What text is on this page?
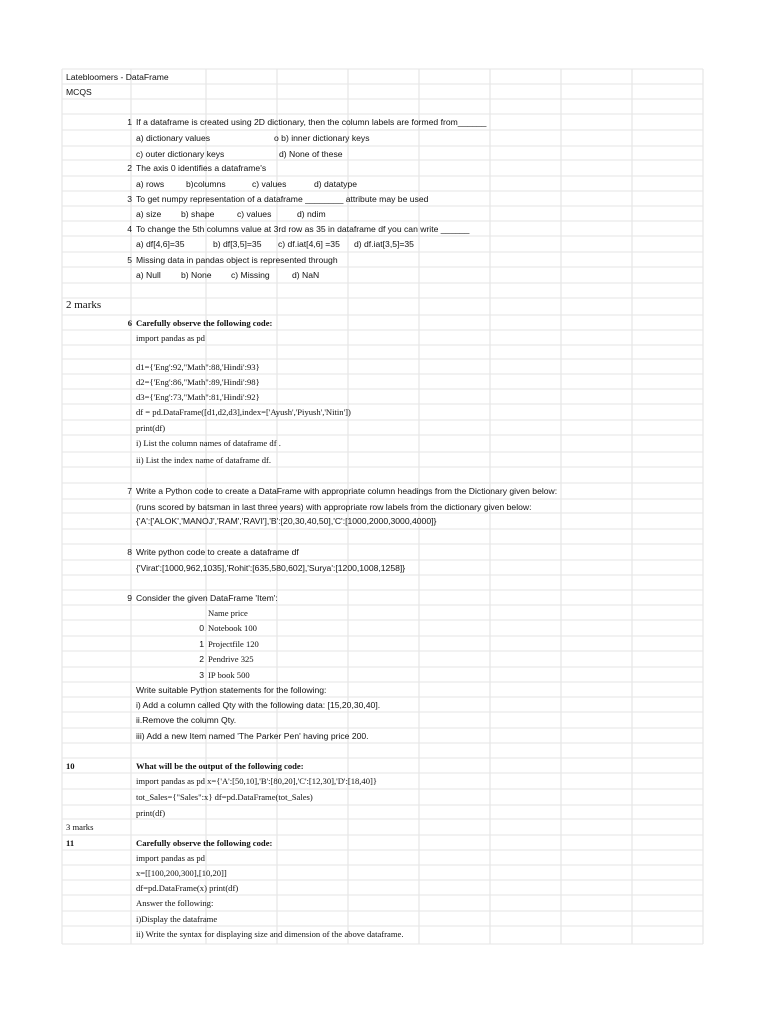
Latebloomers - DataFrame
MCQS
1 If a dataframe is created using 2D dictionary, then the column labels are formed from______
a) dictionary values	o b) inner dictionary keys
c) outer dictionary keys	d) None of these
2 The axis 0 identifies a dataframe's
a) rows	b)columns	c) values	d) datatype
3 To get numpy representation of a dataframe ________ attribute may be used
a) size b) shape	c) values	d) ndim
4 To change the 5th columns value at 3rd row as 35 in dataframe df you can write ______
a) df[4,6]=35	b) df[3,5]=35 c) df.iat[4,6] =35 d) df.iat[3,5]=35
5 Missing data in pandas object is represented through
a) Null b) None c) Missing	d) NaN
2 marks
6 Carefully observe the following code:
import pandas as pd
d1={'Eng':92,"Math":88,'Hindi':93}
d2={'Eng':86,"Math":89,'Hindi':98}
d3={'Eng':73,"Math":81,'Hindi':92}
df = pd.DataFrame([d1,d2,d3],index=['Ayush','Piyush','Nitin'])
print(df)
i) List the column names of dataframe df .
ii) List the index name of dataframe df.
7 Write a Python code to create a DataFrame with appropriate column headings from the Dictionary given below:
(runs scored by batsman in last three years) with appropriate row labels from the dictionary given below:
{'A':['ALOK','MANOJ','RAM','RAVI'],'B':[20,30,40,50],'C':[1000,2000,3000,4000]}
8 Write python code to create a dataframe df
{'Virat':[1000,962,1035],'Rohit':[635,580,602],'Surya':[1200,1008,1258]}
9 Consider the given DataFrame 'Item':
Name price
0 Notebook 100
1 Projectfile 120
2 Pendrive 325
3 IP book 500
Write suitable Python statements for the following:
i) Add a column called Qty with the following data: [15,20,30,40].
ii.Remove the column Qty.
iii) Add a new Item named 'The Parker Pen' having price 200.
10	What will be the output of the following code:
import pandas as pd x={'A':[50,10],'B':[80,20],'C':[12,30],'D':[18,40]}
tot_Sales={"Sales":x} df=pd.DataFrame(tot_Sales)
print(df)
3 marks
11	Carefully observe the following code:
import pandas as pd
x=[[100,200,300],[10,20]]
df=pd.DataFrame(x) print(df)
Answer the following:
i)Display the dataframe
ii) Write the syntax for displaying size and dimension of the above dataframe.
